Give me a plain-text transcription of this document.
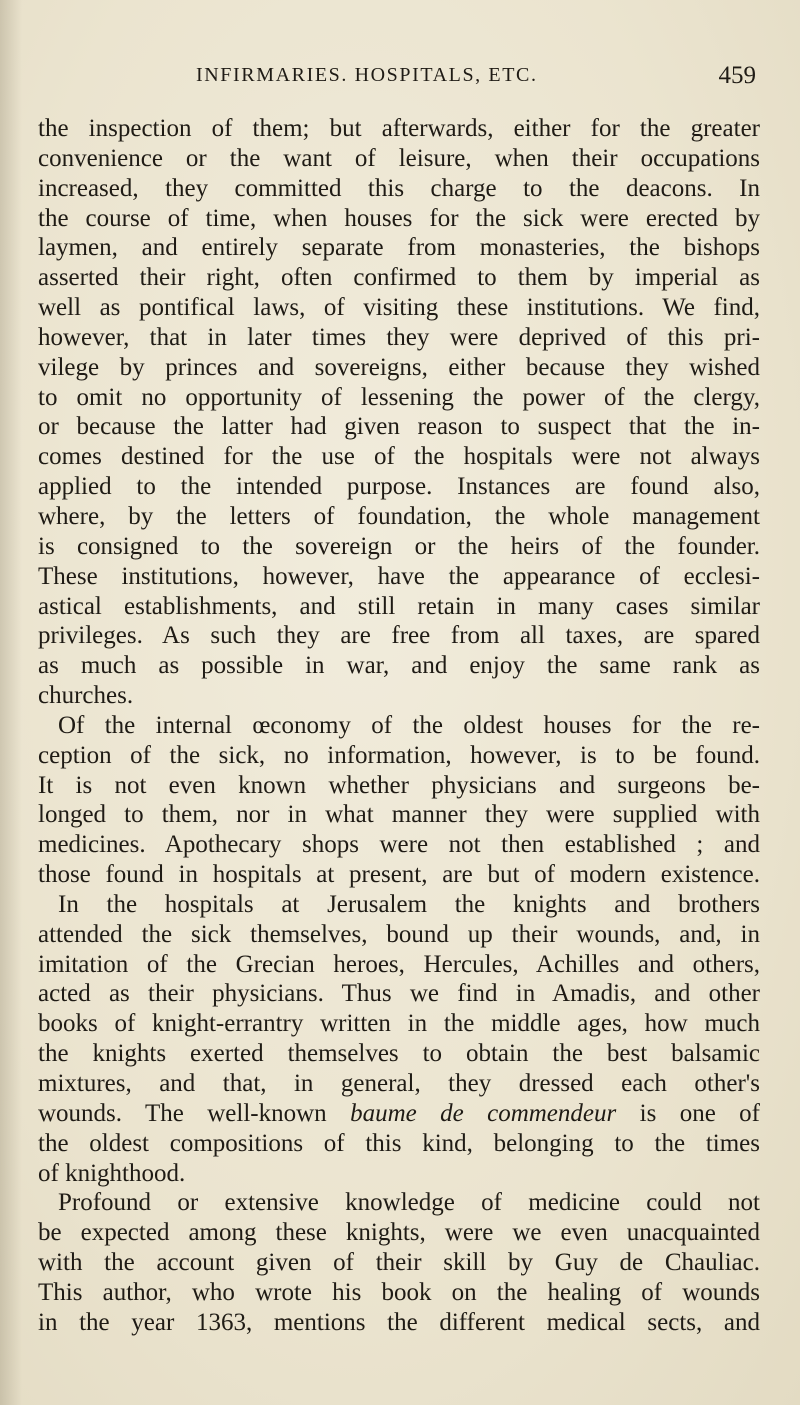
INFIRMARIES. HOSPITALS, ETC.	459
the inspection of them; but afterwards, either for the greater
convenience or the want of leisure, when their occupations
increased, they committed this charge to the deacons. In
the course of time, when houses for the sick were erected by
laymen, and entirely separate from monasteries, the bishops
asserted their right, often confirmed to them by imperial as
well as pontifical laws, of visiting these institutions. We find,
however, that in later times they were deprived of this pri-
vilege by princes and sovereigns, either because they wished
to omit no opportunity of lessening the power of the clergy,
or because the latter had given reason to suspect that the in-
comes destined for the use of the hospitals were not always
applied to the intended purpose. Instances are found also,
where, by the letters of foundation, the whole management
is consigned to the sovereign or the heirs of the founder.
These institutions, however, have the appearance of ecclesi-
astical establishments, and still retain in many cases similar
privileges. As such they are free from all taxes, are spared
as much as possible in war, and enjoy the same rank as
churches.
Of the internal œconomy of the oldest houses for the re-
ception of the sick, no information, however, is to be found.
It is not even known whether physicians and surgeons be-
longed to them, nor in what manner they were supplied with
medicines. Apothecary shops were not then established ; and
those found in hospitals at present, are but of modern existence.
In the hospitals at Jerusalem the knights and brothers
attended the sick themselves, bound up their wounds, and, in
imitation of the Grecian heroes, Hercules, Achilles and others,
acted as their physicians. Thus we find in Amadis, and other
books of knight-errantry written in the middle ages, how much
the knights exerted themselves to obtain the best balsamic
mixtures, and that, in general, they dressed each other's
wounds. The well-known baume de commendeur is one of
the oldest compositions of this kind, belonging to the times
of knighthood.
Profound or extensive knowledge of medicine could not
be expected among these knights, were we even unacquainted
with the account given of their skill by Guy de Chauliac.
This author, who wrote his book on the healing of wounds
in the year 1363, mentions the different medical sects, and
